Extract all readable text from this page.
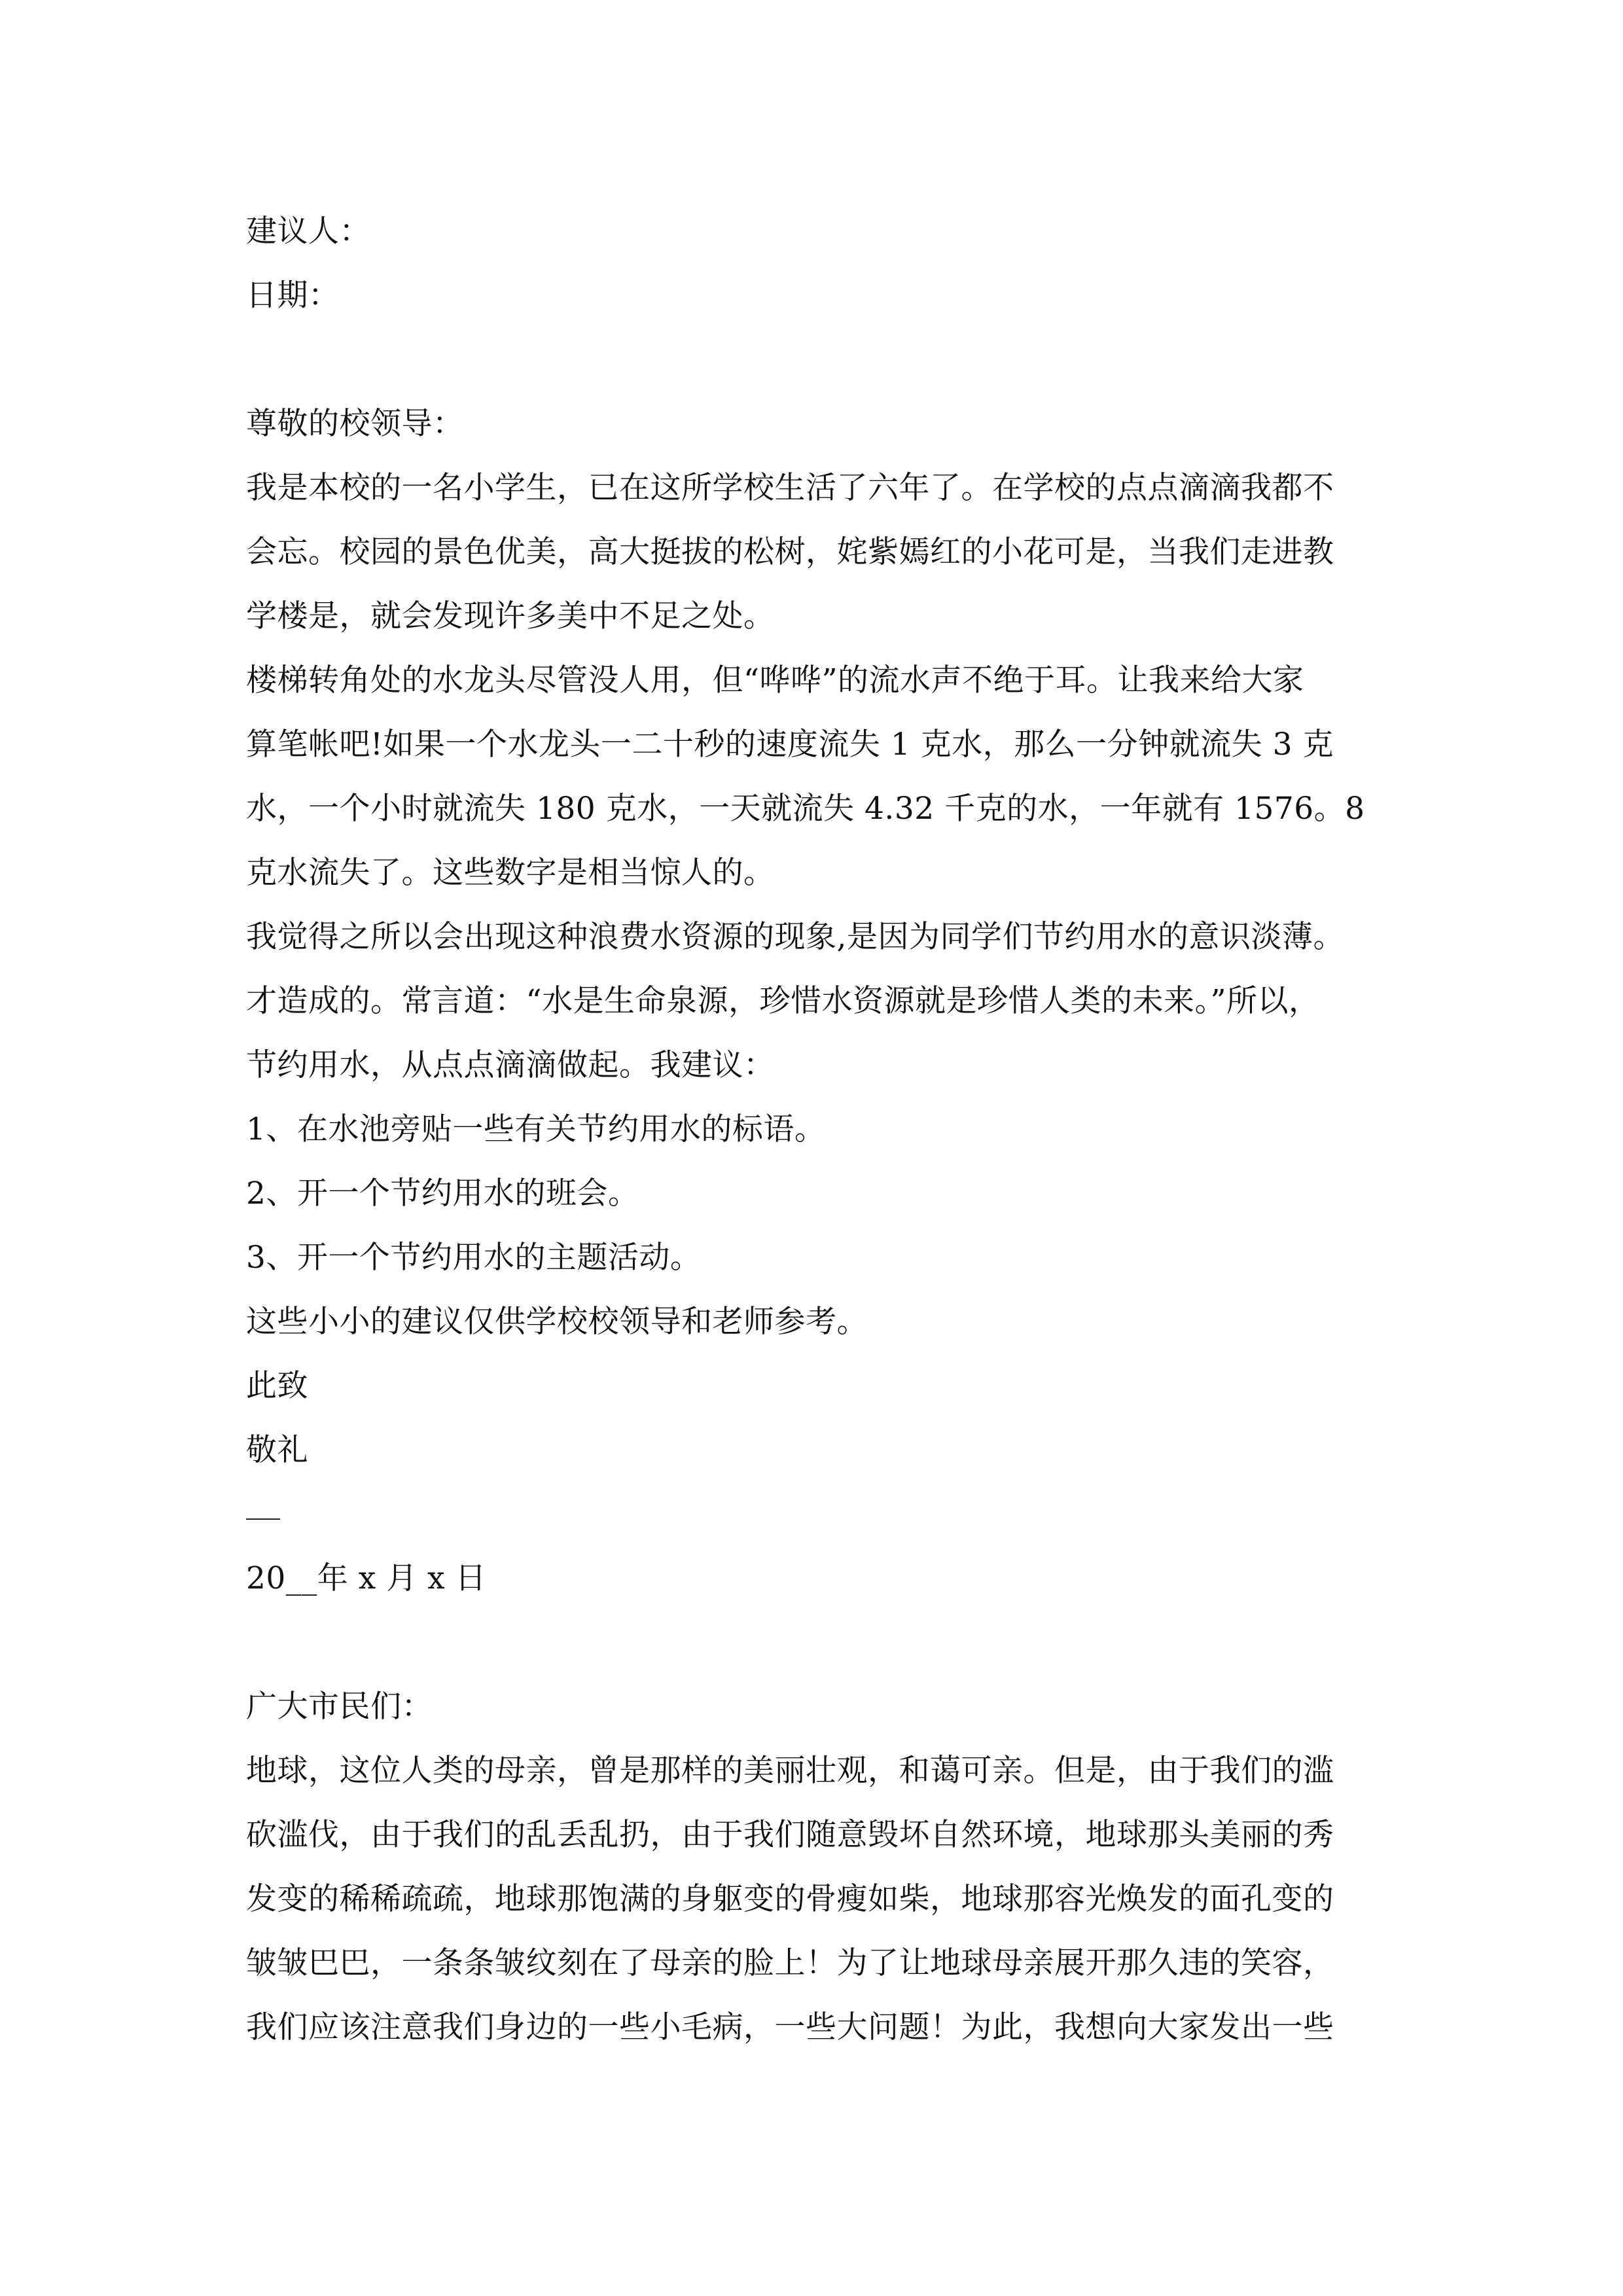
建议人：
日期：
尊敬的校领导：
我是本校的一名小学生，已在这所学校生活了六年了。在学校的点点滴滴我都不
会忘。校园的景色优美，高大挺拔的松树，姹紫嫣红的小花可是，当我们走进教
学楼是，就会发现许多美中不足之处。
楼梯转角处的水龙头尽管没人用，但“哗哗”的流水声不绝于耳。让我来给大家
算笔帐吧!如果一个水龙头一二十秒的速度流失 1 克水，那么一分钟就流失 3 克
水，一个小时就流失 180 克水，一天就流失 4.32 千克的水，一年就有 1576。8
克水流失了。这些数字是相当惊人的。
我觉得之所以会出现这种浪费水资源的现象,是因为同学们节约用水的意识淡薄。
才造成的。常言道：“水是生命泉源，珍惜水资源就是珍惜人类的未来。”所以，
节约用水，从点点滴滴做起。我建议：
1、在水池旁贴一些有关节约用水的标语。
2、开一个节约用水的班会。
3、开一个节约用水的主题活动。
这些小小的建议仅供学校校领导和老师参考。
此致
敬礼
20__年 x 月 x 日
广大市民们：
地球，这位人类的母亲，曾是那样的美丽壮观，和蔼可亲。但是，由于我们的滥
砍滥伐，由于我们的乱丢乱扔，由于我们随意毁坏自然环境，地球那头美丽的秀
发变的稀稀疏疏，地球那饱满的身躯变的骨瘦如柴，地球那容光焕发的面孔变的
皱皱巴巴，一条条皱纹刻在了母亲的脸上！为了让地球母亲展开那久违的笑容，
我们应该注意我们身边的一些小毛病，一些大问题！为此，我想向大家发出一些
